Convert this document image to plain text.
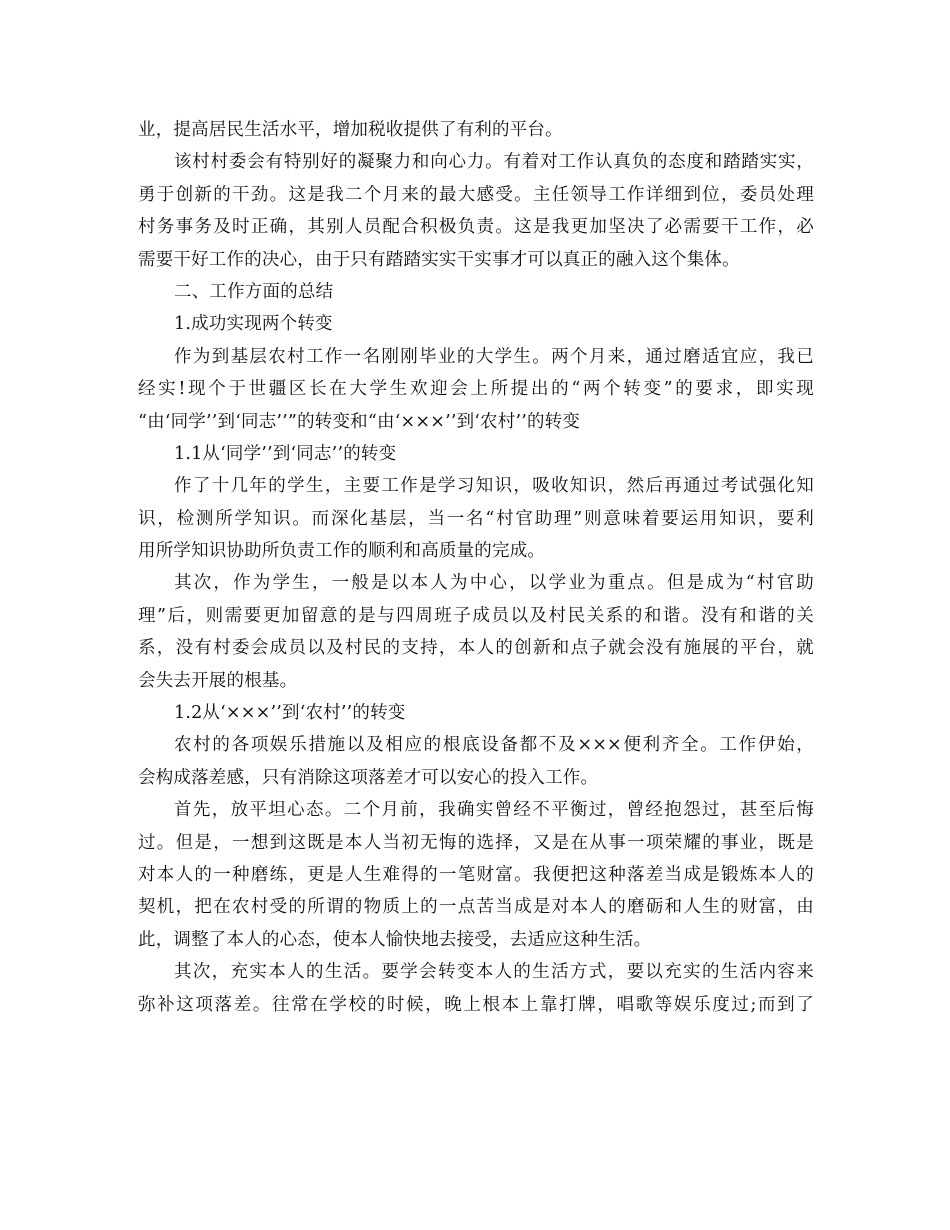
业，提高居民生活水平，增加税收提供了有利的平台。
该村村委会有特别好的凝聚力和向心力。有着对工作认真负的态度和踏踏实实，
勇于创新的干劲。这是我二个月来的最大感受。主任领导工作详细到位，委员处理
村务事务及时正确，其别人员配合积极负责。这是我更加坚决了必需要干工作，必
需要干好工作的决心，由于只有踏踏实实干实事才可以真正的融入这个集体。
二、工作方面的总结
1.成功实现两个转变
作为到基层农村工作一名刚刚毕业的大学生。两个月来，通过磨适宜应，我已
经实!现个于世疆区长在大学生欢迎会上所提出的“两个转变”的要求，即实现
“由‘同学’’到‘同志’’”的转变和“由‘×××’’到‘农村’’的转变
1.1从‘同学’’到‘同志’’的转变
作了十几年的学生，主要工作是学习知识，吸收知识，然后再通过考试强化知
识，检测所学知识。而深化基层，当一名“村官助理”则意味着要运用知识，要利
用所学知识协助所负责工作的顺利和高质量的完成。
其次，作为学生，一般是以本人为中心，以学业为重点。但是成为“村官助
理”后，则需要更加留意的是与四周班子成员以及村民关系的和谐。没有和谐的关
系，没有村委会成员以及村民的支持，本人的创新和点子就会没有施展的平台，就
会失去开展的根基。
1.2从‘×××’’到‘农村’’的转变
农村的各项娱乐措施以及相应的根底设备都不及×××便利齐全。工作伊始，
会构成落差感，只有消除这项落差才可以安心的投入工作。
首先，放平坦心态。二个月前，我确实曾经不平衡过，曾经抱怨过，甚至后悔
过。但是，一想到这既是本人当初无悔的选择，又是在从事一项荣耀的事业，既是
对本人的一种磨练，更是人生难得的一笔财富。我便把这种落差当成是锻炼本人的
契机，把在农村受的所谓的物质上的一点苦当成是对本人的磨砺和人生的财富，由
此，调整了本人的心态，使本人愉快地去接受，去适应这种生活。
其次，充实本人的生活。要学会转变本人的生活方式，要以充实的生活内容来
弥补这项落差。往常在学校的时候，晚上根本上靠打牌，唱歌等娱乐度过;而到了
